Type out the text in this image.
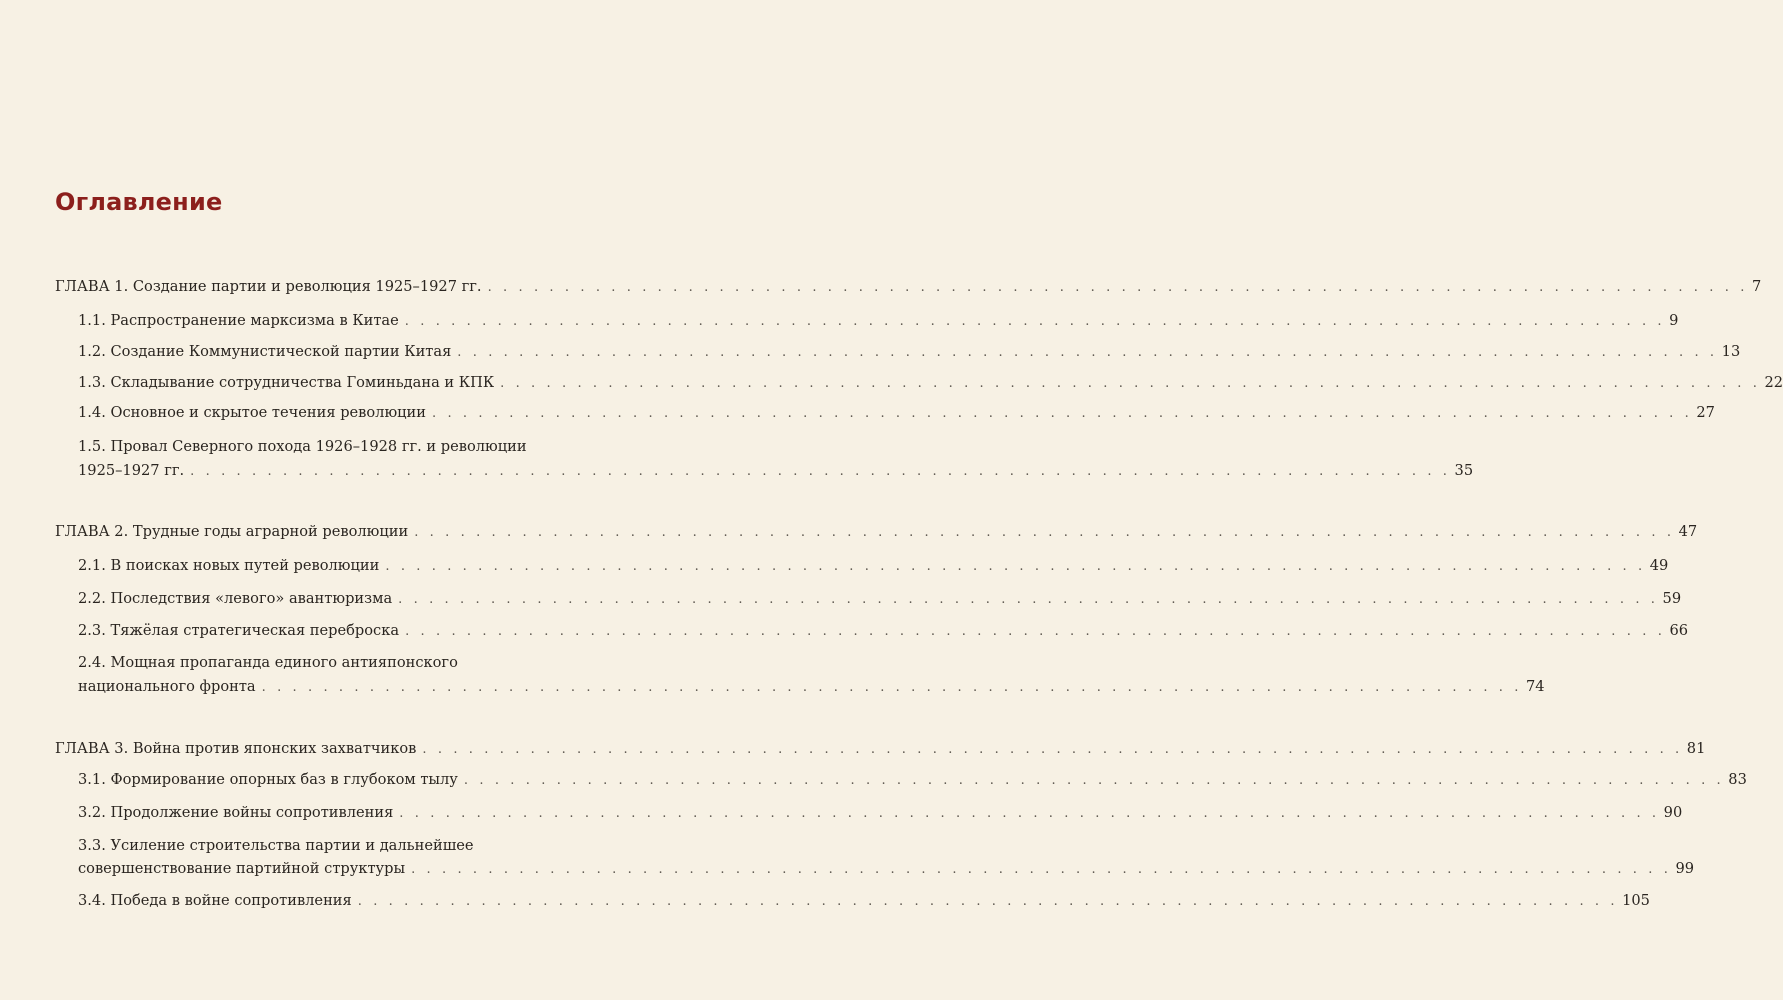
Оглавление
ГЛАВА 1. Создание партии и революция 1925–1927 гг. . . . . . . . . . . . . . . . . . . . . . . . . . . . . . . . . . . . . . . . . . . . . . . . . . . . . . . . . . . . . . . . . . . . . . . . . . . . . . . . . . . 7
1.1. Распространение марксизма в Китае . . . . . . . . . . . . . . . . . . . . . . . . . . . . . . . . . . . . . . . . . . . . . . . . . . . . . . . . . . . . . . . . . . . . . . . . . . . . . . . . . . 9
1.2. Создание Коммунистической партии Китая . . . . . . . . . . . . . . . . . . . . . . . . . . . . . . . . . . . . . . . . . . . . . . . . . . . . . . . . . . . . . . . . . . . . . . . . . . . . . . . . . . 13
1.3. Складывание сотрудничества Гоминьдана и КПК . . . . . . . . . . . . . . . . . . . . . . . . . . . . . . . . . . . . . . . . . . . . . . . . . . . . . . . . . . . . . . . . . . . . . . . . . . . . . . . . . . 22
1.4. Основное и скрытое течения революции . . . . . . . . . . . . . . . . . . . . . . . . . . . . . . . . . . . . . . . . . . . . . . . . . . . . . . . . . . . . . . . . . . . . . . . . . . . . . . . . . . 27
1.5. Провал Северного похода 1926–1928 гг. и революции
1925–1927 гг. . . . . . . . . . . . . . . . . . . . . . . . . . . . . . . . . . . . . . . . . . . . . . . . . . . . . . . . . . . . . . . . . . . . . . . . . . . . . . . . . . . 35
ГЛАВА 2. Трудные годы аграрной революции . . . . . . . . . . . . . . . . . . . . . . . . . . . . . . . . . . . . . . . . . . . . . . . . . . . . . . . . . . . . . . . . . . . . . . . . . . . . . . . . . . 47
2.1. В поисках новых путей революции . . . . . . . . . . . . . . . . . . . . . . . . . . . . . . . . . . . . . . . . . . . . . . . . . . . . . . . . . . . . . . . . . . . . . . . . . . . . . . . . . . 49
2.2. Последствия «левого» авантюризма . . . . . . . . . . . . . . . . . . . . . . . . . . . . . . . . . . . . . . . . . . . . . . . . . . . . . . . . . . . . . . . . . . . . . . . . . . . . . . . . . . 59
2.3. Тяжёлая стратегическая переброска . . . . . . . . . . . . . . . . . . . . . . . . . . . . . . . . . . . . . . . . . . . . . . . . . . . . . . . . . . . . . . . . . . . . . . . . . . . . . . . . . . 66
2.4. Мощная пропаганда единого антияпонского
национального фронта . . . . . . . . . . . . . . . . . . . . . . . . . . . . . . . . . . . . . . . . . . . . . . . . . . . . . . . . . . . . . . . . . . . . . . . . . . . . . . . . . . 74
ГЛАВА 3. Война против японских захватчиков . . . . . . . . . . . . . . . . . . . . . . . . . . . . . . . . . . . . . . . . . . . . . . . . . . . . . . . . . . . . . . . . . . . . . . . . . . . . . . . . . . 81
3.1. Формирование опорных баз в глубоком тылу . . . . . . . . . . . . . . . . . . . . . . . . . . . . . . . . . . . . . . . . . . . . . . . . . . . . . . . . . . . . . . . . . . . . . . . . . . . . . . . . . . 83
3.2. Продолжение войны сопротивления . . . . . . . . . . . . . . . . . . . . . . . . . . . . . . . . . . . . . . . . . . . . . . . . . . . . . . . . . . . . . . . . . . . . . . . . . . . . . . . . . . 90
3.3. Усиление строительства партии и дальнейшее
совершенствование партийной структуры . . . . . . . . . . . . . . . . . . . . . . . . . . . . . . . . . . . . . . . . . . . . . . . . . . . . . . . . . . . . . . . . . . . . . . . . . . . . . . . . . . 99
3.4. Победа в войне сопротивления . . . . . . . . . . . . . . . . . . . . . . . . . . . . . . . . . . . . . . . . . . . . . . . . . . . . . . . . . . . . . . . . . . . . . . . . . . . . . . . . . . 105
